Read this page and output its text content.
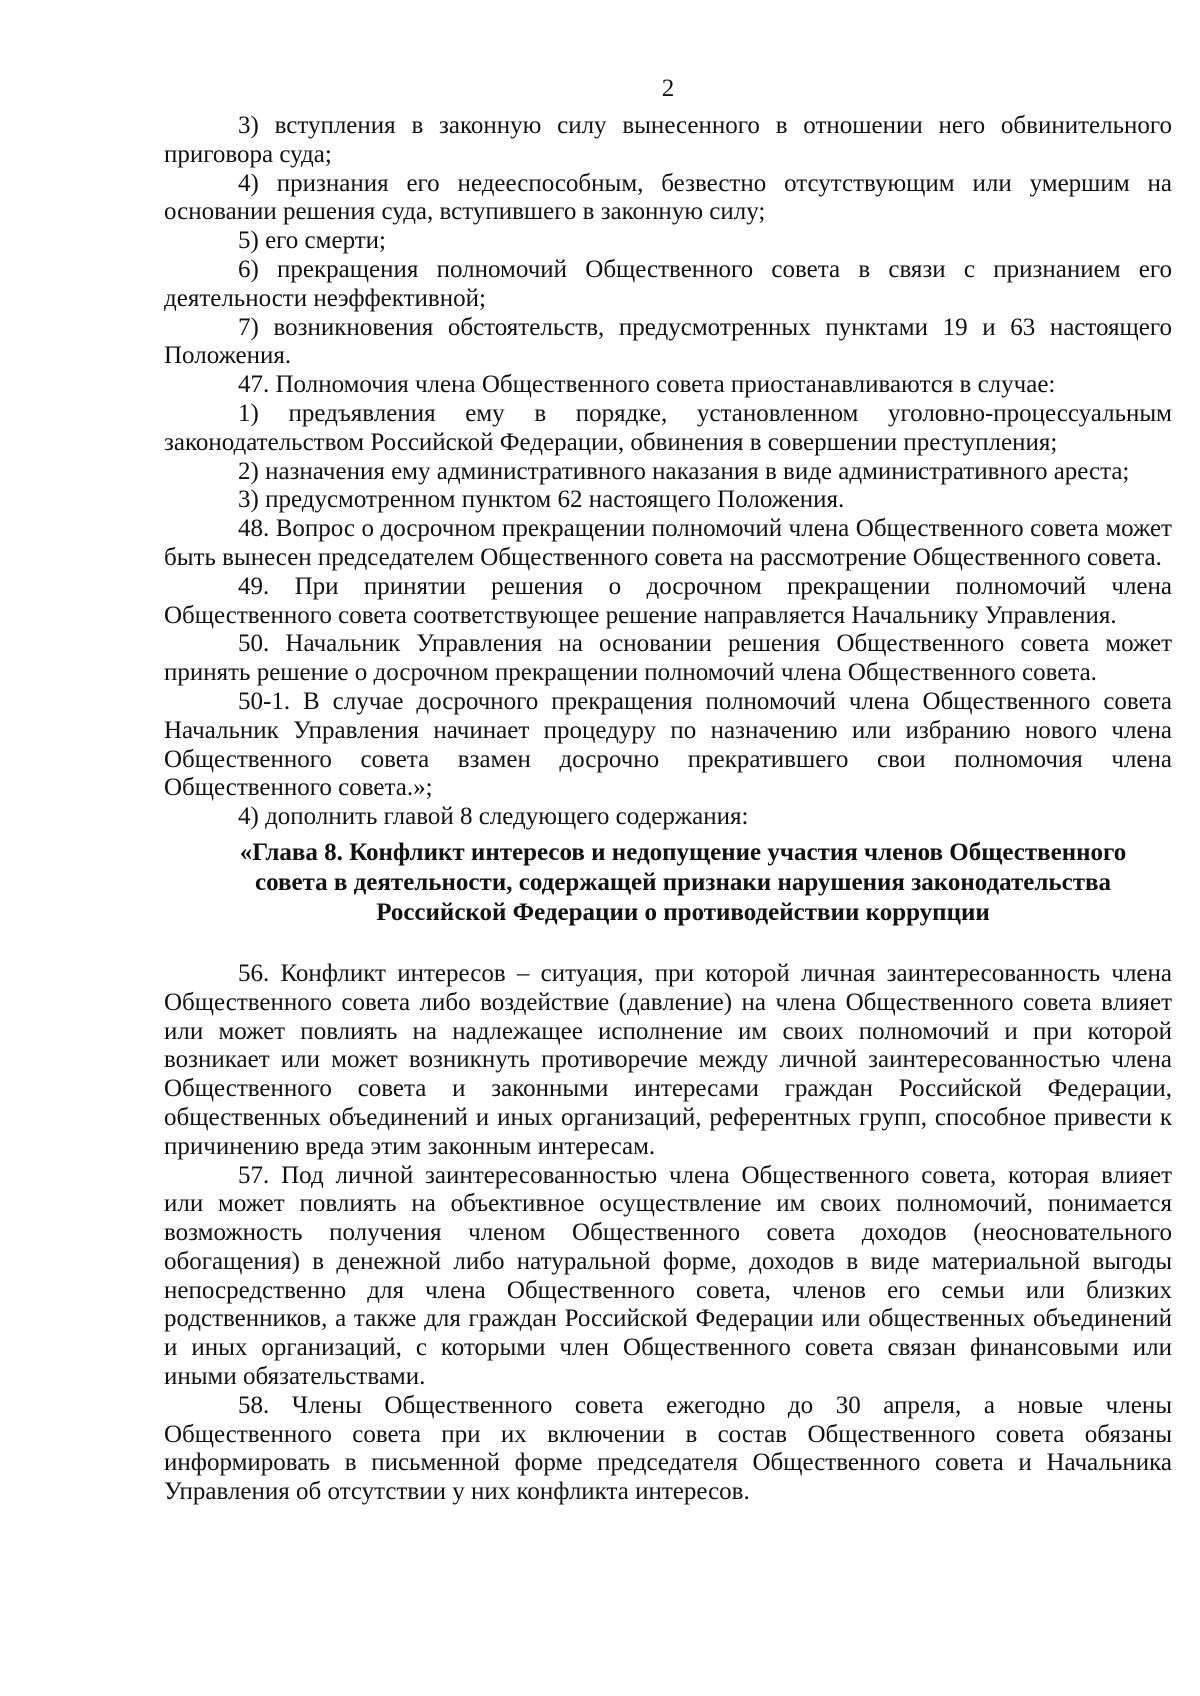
2

3) вступления в законную силу вынесенного в отношении него обвинительного приговора суда;

4) признания его недееспособным, безвестно отсутствующим или умершим на основании решения суда, вступившего в законную силу;

5) его смерти;

6) прекращения полномочий Общественного совета в связи с признанием его деятельности неэффективной;

7) возникновения обстоятельств, предусмотренных пунктами 19 и 63 настоящего Положения.

47. Полномочия члена Общественного совета приостанавливаются в случае:

1) предъявления ему в порядке, установленном уголовно-процессуальным законодательством Российской Федерации, обвинения в совершении преступления;

2) назначения ему административного наказания в виде административного ареста;

3) предусмотренном пунктом 62 настоящего Положения.

48. Вопрос о досрочном прекращении полномочий члена Общественного совета может быть вынесен председателем Общественного совета на рассмотрение Общественного совета.

49. При принятии решения о досрочном прекращении полномочий члена Общественного совета соответствующее решение направляется Начальнику Управления.

50. Начальник Управления на основании решения Общественного совета может принять решение о досрочном прекращении полномочий члена Общественного совета.

50-1. В случае досрочного прекращения полномочий члена Общественного совета Начальник Управления начинает процедуру по назначению или избранию нового члена Общественного совета взамен досрочно прекратившего свои полномочия члена Общественного совета.»;

4) дополнить главой 8 следующего содержания:

«Глава 8. Конфликт интересов и недопущение участия членов Общественного совета в деятельности, содержащей признаки нарушения законодательства Российской Федерации о противодействии коррупции

56. Конфликт интересов – ситуация, при которой личная заинтересованность члена Общественного совета либо воздействие (давление) на члена Общественного совета влияет или может повлиять на надлежащее исполнение им своих полномочий и при которой возникает или может возникнуть противоречие между личной заинтересованностью члена Общественного совета и законными интересами граждан Российской Федерации, общественных объединений и иных организаций, референтных групп, способное привести к причинению вреда этим законным интересам.

57. Под личной заинтересованностью члена Общественного совета, которая влияет или может повлиять на объективное осуществление им своих полномочий, понимается возможность получения членом Общественного совета доходов (неосновательного обогащения) в денежной либо натуральной форме, доходов в виде материальной выгоды непосредственно для члена Общественного совета, членов его семьи или близких родственников, а также для граждан Российской Федерации или общественных объединений и иных организаций, с которыми член Общественного совета связан финансовыми или иными обязательствами.

58. Члены Общественного совета ежегодно до 30 апреля, а новые члены Общественного совета при их включении в состав Общественного совета обязаны информировать в письменной форме председателя Общественного совета и Начальника Управления об отсутствии у них конфликта интересов.
